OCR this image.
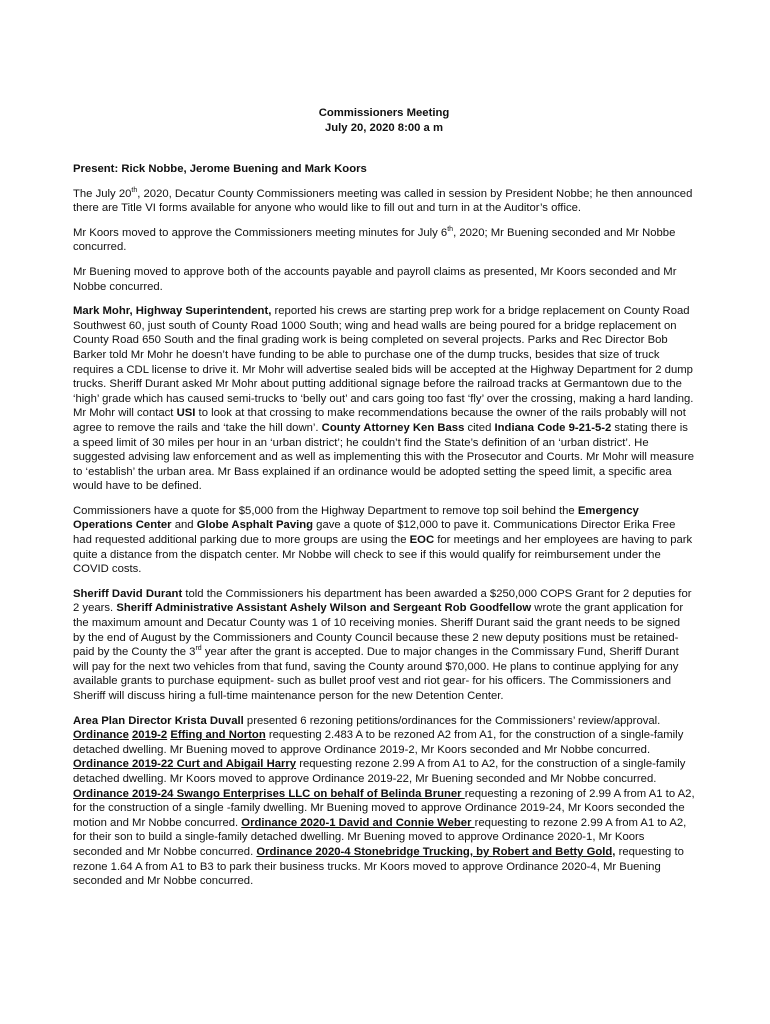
Commissioners Meeting
July 20, 2020 8:00 a m

Present: Rick Nobbe, Jerome Buening and Mark Koors

The July 20th, 2020, Decatur County Commissioners meeting was called in session by President Nobbe; he then announced there are Title VI forms available for anyone who would like to fill out and turn in at the Auditor’s office.

Mr Koors moved to approve the Commissioners meeting minutes for July 6th, 2020; Mr Buening seconded and Mr Nobbe concurred.

Mr Buening moved to approve both of the accounts payable and payroll claims as presented, Mr Koors seconded and Mr Nobbe concurred.

Mark Mohr, Highway Superintendent, reported his crews are starting prep work for a bridge replacement on County Road Southwest 60, just south of County Road 1000 South; wing and head walls are being poured for a bridge replacement on County Road 650 South and the final grading work is being completed on several projects. Parks and Rec Director Bob Barker told Mr Mohr he doesn’t have funding to be able to purchase one of the dump trucks, besides that size of truck requires a CDL license to drive it. Mr Mohr will advertise sealed bids will be accepted at the Highway Department for 2 dump trucks. Sheriff Durant asked Mr Mohr about putting additional signage before the railroad tracks at Germantown due to the ‘high’ grade which has caused semi-trucks to ‘belly out’ and cars going too fast ‘fly’ over the crossing, making a hard landing. Mr Mohr will contact USI to look at that crossing to make recommendations because the owner of the rails probably will not agree to remove the rails and ‘take the hill down’. County Attorney Ken Bass cited Indiana Code 9-21-5-2 stating there is a speed limit of 30 miles per hour in an ‘urban district’; he couldn’t find the State’s definition of an ‘urban district’. He suggested advising law enforcement and as well as implementing this with the Prosecutor and Courts. Mr Mohr will measure to ‘establish’ the urban area. Mr Bass explained if an ordinance would be adopted setting the speed limit, a specific area would have to be defined.

Commissioners have a quote for $5,000 from the Highway Department to remove top soil behind the Emergency Operations Center and Globe Asphalt Paving gave a quote of $12,000 to pave it. Communications Director Erika Free had requested additional parking due to more groups are using the EOC for meetings and her employees are having to park quite a distance from the dispatch center. Mr Nobbe will check to see if this would qualify for reimbursement under the COVID costs.

Sheriff David Durant told the Commissioners his department has been awarded a $250,000 COPS Grant for 2 deputies for 2 years. Sheriff Administrative Assistant Ashely Wilson and Sergeant Rob Goodfellow wrote the grant application for the maximum amount and Decatur County was 1 of 10 receiving monies. Sheriff Durant said the grant needs to be signed by the end of August by the Commissioners and County Council because these 2 new deputy positions must be retained- paid by the County the 3rd year after the grant is accepted. Due to major changes in the Commissary Fund, Sheriff Durant will pay for the next two vehicles from that fund, saving the County around $70,000. He plans to continue applying for any available grants to purchase equipment- such as bullet proof vest and riot gear- for his officers. The Commissioners and Sheriff will discuss hiring a full-time maintenance person for the new Detention Center.

Area Plan Director Krista Duvall presented 6 rezoning petitions/ordinances for the Commissioners’ review/approval. Ordinance 2019-2 Effing and Norton requesting 2.483 A to be rezoned A2 from A1, for the construction of a single-family detached dwelling. Mr Buening moved to approve Ordinance 2019-2, Mr Koors seconded and Mr Nobbe concurred. Ordinance 2019-22 Curt and Abigail Harry requesting rezone 2.99 A from A1 to A2, for the construction of a single-family detached dwelling. Mr Koors moved to approve Ordinance 2019-22, Mr Buening seconded and Mr Nobbe concurred. Ordinance 2019-24 Swango Enterprises LLC on behalf of Belinda Bruner requesting a rezoning of 2.99 A from A1 to A2, for the construction of a single -family dwelling. Mr Buening moved to approve Ordinance 2019-24, Mr Koors seconded the motion and Mr Nobbe concurred. Ordinance 2020-1 David and Connie Weber requesting to rezone 2.99 A from A1 to A2, for their son to build a single-family detached dwelling. Mr Buening moved to approve Ordinance 2020-1, Mr Koors seconded and Mr Nobbe concurred. Ordinance 2020-4 Stonebridge Trucking, by Robert and Betty Gold, requesting to rezone 1.64 A from A1 to B3 to park their business trucks. Mr Koors moved to approve Ordinance 2020-4, Mr Buening seconded and Mr Nobbe concurred.
